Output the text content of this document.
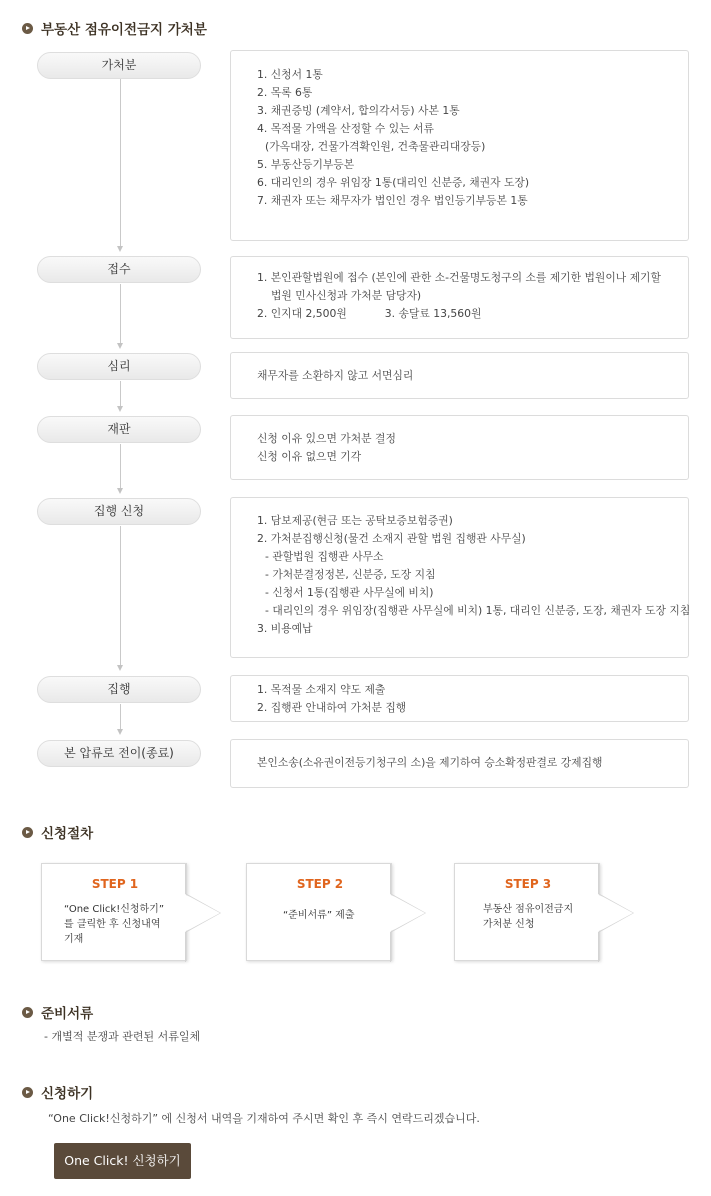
부동산 점유이전금지 가처분
가처분
1. 신청서 1통
2. 목록 6통
3. 채권증빙 (계약서, 합의각서등) 사본 1통
4. 목적물 가액을 산정할 수 있는 서류
(가옥대장, 건물가격확인원, 건축물관리대장등)
5. 부동산등기부등본
6. 대리인의 경우 위임장 1통(대리인 신분증, 채권자 도장)
7. 채권자 또는 채무자가 법인인 경우 법인등기부등본 1통
접수
1. 본인관할법원에 접수 (본인에 관한 소-건물명도청구의 소를 제기한 법원이나 제기할
법원 민사신청과 가처분 담당자)
2. 인지대 2,500원	3. 송달료 13,560원
심리
채무자를 소환하지 않고 서면심리
재판
신청 이유 있으면 가처분 결정
신청 이유 없으면 기각
집행 신청
1. 담보제공(현금 또는 공탁보증보험증권)
2. 가처분집행신청(물건 소재지 관할 법원 집행관 사무실)
- 관할법원 집행관 사무소
- 가처분결정정본, 신분증, 도장 지침
- 신청서 1통(집행관 사무실에 비치)
- 대리인의 경우 위임장(집행관 사무실에 비치) 1통, 대리인 신분증, 도장, 채권자 도장 지침
3. 비용예납
집행	1. 목적물 소재지 약도 제출
2. 집행관 안내하여 가처분 집행
본 압류로 전이(종료)
본인소송(소유권이전등기청구의 소)을 제기하여 승소확정판결로 강제집행
신청절차
STEP 1
“One Click!신청하기”
를 클릭한 후 신청내역
기재
STEP 2
“준비서류” 제출
STEP 3
부동산 점유이전금지
가처분 신청
준비서류
- 개별적 분쟁과 관련된 서류일체
신청하기
“One Click!신청하기” 에 신청서 내역을 기재하여 주시면 확인 후 즉시 연락드리겠습니다.
One Click! 신청하기
